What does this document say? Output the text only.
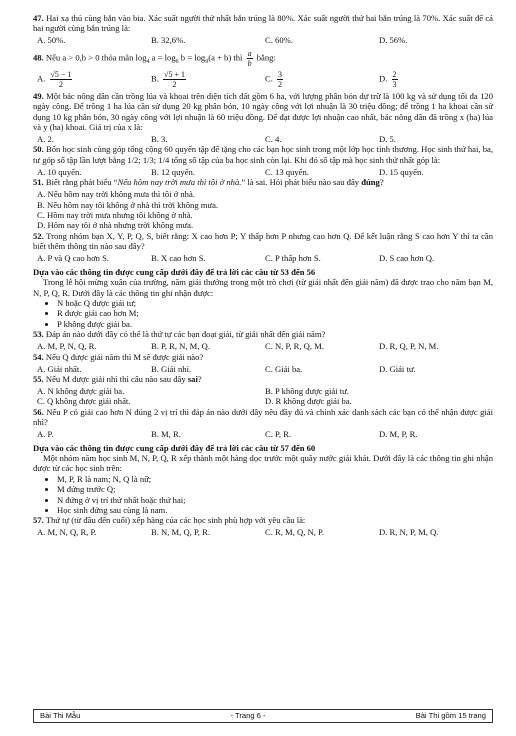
47. Hai xạ thủ cùng bắn vào bia. Xác suất người thứ nhất bắn trúng là 80%. Xác suất người thứ hai bắn trúng là 70%. Xác suất để cả hai người cùng bắn trúng là:
A. 50%.	B. 32,6%.	C. 60%.	D. 56%.
48. Nếu a > 0,b > 0 thỏa mãn $\log_4 a = \log_6 b = \log_9(a + b)$ thì $\frac{a}{b}$ bằng:
A. $\frac{√5 - 1}{2}$	B. $\frac{√5 + 1}{2}$	C. $\frac{3}{2}$	D. $\frac{2}{3}$
49. Một bác nông dân cần trồng lúa và khoai trên diện tích đất gồm 6 ha, với lượng phân bón dự trữ là 100 kg và sử dụng tối đa 120 ngày công. Để trồng 1 ha lúa cần sử dụng 20 kg phân bón, 10 ngày công với lợi nhuận là 30 triệu đồng; để trồng 1 ha khoai cần sử dụng 10 kg phân bón, 30 ngày công với lợi nhuận là 60 triệu đồng. Để đạt được lợi nhuận cao nhất, bác nông dân đã trồng x (ha) lúa và y (ha) khoai. Giá trị của x là:
A. 2.	B. 3.	C. 4.	D. 5.
50. Bốn học sinh cùng góp tổng cộng 60 quyển tập để tặng cho các bạn học sinh trong một lớp học tình thương. Học sinh thứ hai, ba, tư góp số tập lần lượt bằng 1/2; 1/3; 1/4 tổng số tập của ba học sinh còn lại. Khi đó số tập mà học sinh thứ nhất góp là:
A. 10 quyển.	B. 12 quyển.	C. 13 quyển.	D. 15 quyển.
51. Biết rằng phát biểu “Nếu hôm nay trời mưa thì tôi ở nhà.” là sai. Hỏi phát biểu nào sau đây đúng?
A. Nếu hôm nay trời không mưa thì tôi ở nhà.
B. Nếu hôm nay tôi không ở nhà thì trời không mưa.
C. Hôm nay trời mưa nhưng tôi không ở nhà.
D. Hôm nay tôi ở nhà nhưng trời không mưa.
52. Trong nhóm bạn X, Y, P, Q, S, biết rằng: X cao hơn P; Y thấp hơn P nhưng cao hơn Q. Để kết luận rằng S cao hơn Y thì ta cần biết thêm thông tin nào sau đây?
A. P và Q cao hơn S.	B. X cao hơn S.	C. P thấp hơn S.	D. S cao hơn Q.
Dựa vào các thông tin được cung cấp dưới đây để trả lời các câu từ 53 đến 56

Trong lễ hội mừng xuân của trường, năm giải thưởng trong một trò chơi (từ giải nhất đến giải năm) đã được trao cho năm bạn M, N, P, Q, R. Dưới đây là các thông tin ghi nhận được:

• N hoặc Q được giải tư;
• R được giải cao hơn M;
• P không được giải ba.
53. Đáp án nào dưới đây có thể là thứ tự các bạn đoạt giải, từ giải nhất đến giải năm?
A. M, P, N, Q, R.	B. P, R, N, M, Q.	C. N, P, R, Q, M.	D. R, Q, P, N, M.
54. Nếu Q được giải năm thì M sẽ được giải nào?
A. Giải nhất.	B. Giải nhì.	C. Giải ba.	D. Giải tư.
55. Nếu M được giải nhì thì câu nào sau đây sai?
A. N không được giải ba.	B. P không được giải tư.
C. Q không được giải nhất.	D. R không được giải ba.
56. Nếu P có giải cao hơn N đúng 2 vị trí thì đáp án nào dưới đây nêu đầy đủ và chính xác danh sách các bạn có thể nhận được giải nhì?
A. P.	B. M, R.	C. P, R.	D. M, P, R.
Dựa vào các thông tin được cung cấp dưới đây để trả lời các câu từ 57 đến 60

Một nhóm năm học sinh M, N, P, Q, R xếp thành một hàng dọc trước một quầy nước giải khát. Dưới đây là các thông tin ghi nhận được từ các học sinh trên:

• M, P, R là nam; N, Q là nữ;
• M đứng trước Q;
• N đứng ở vị trí thứ nhất hoặc thứ hai;
• Học sinh đứng sau cùng là nam.
57. Thứ tự (từ đầu đến cuối) xếp hàng của các học sinh phù hợp với yêu cầu là:
A. M, N, Q, R, P.	B. N, M, Q, P, R.	C. R, M, Q, N, P.	D. R, N, P, M, Q.
Bài Thi Mẫu	- Trang 6 -	Bài Thi gồm 15 trang
